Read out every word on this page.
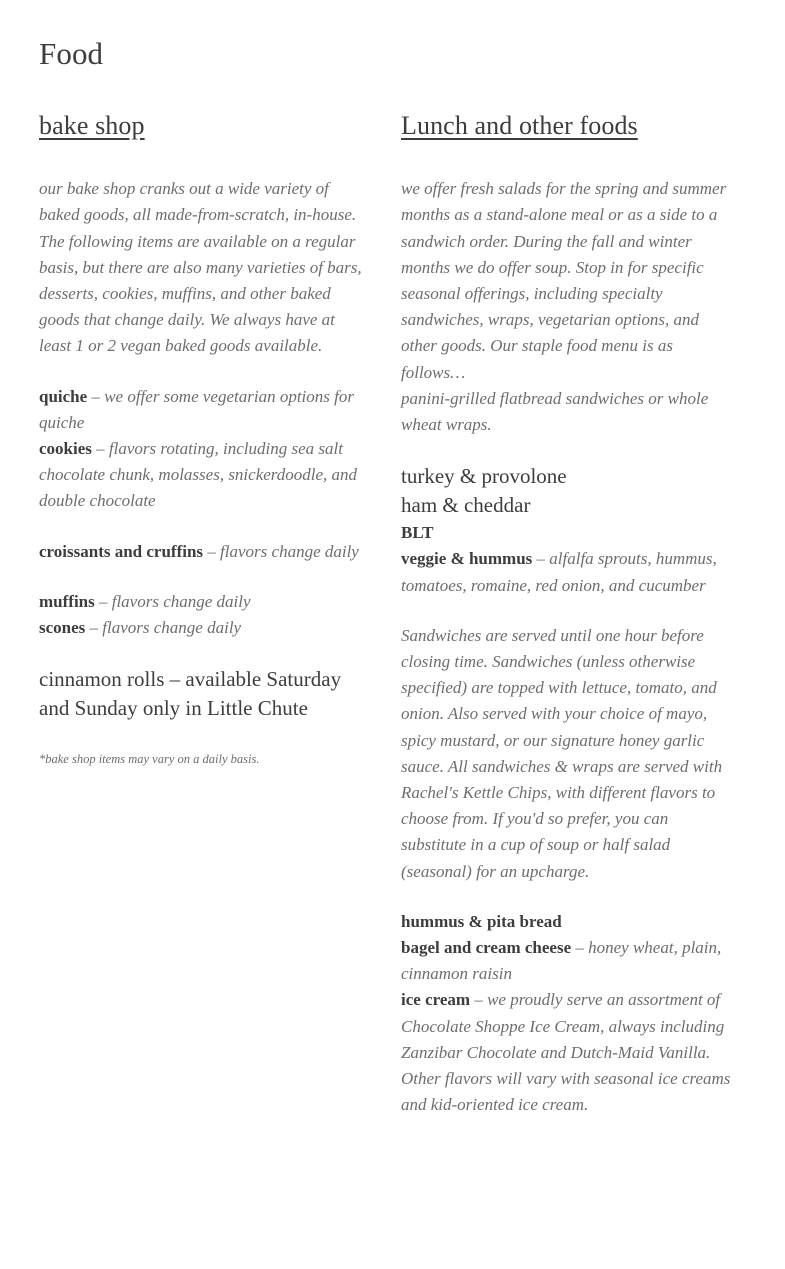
Food
bake shop

our bake shop cranks out a wide variety of baked goods, all made-from-scratch, in-house. The following items are available on a regular basis, but there are also many varieties of bars, desserts, cookies, muffins, and other baked goods that change daily. We always have at least 1 or 2 vegan baked goods available.

quiche – we offer some vegetarian options for quiche

cookies – flavors rotating, including sea salt chocolate chunk, molasses, snickerdoodle, and double chocolate

croissants and cruffins – flavors change daily

muffins – flavors change daily

scones – flavors change daily

cinnamon rolls – available Saturday and Sunday only in Little Chute

*bake shop items may vary on a daily basis.

Lunch and other foods

we offer fresh salads for the spring and summer months as a stand-alone meal or as a side to a sandwich order. During the fall and winter months we do offer soup. Stop in for specific seasonal offerings, including specialty sandwiches, wraps, vegetarian options, and other goods. Our staple food menu is as follows…

panini-grilled flatbread sandwiches or whole wheat wraps.

turkey & provolone

ham & cheddar

BLT

veggie & hummus – alfalfa sprouts, hummus, tomatoes, romaine, red onion, and cucumber

Sandwiches are served until one hour before closing time. Sandwiches (unless otherwise specified) are topped with lettuce, tomato, and onion. Also served with your choice of mayo, spicy mustard, or our signature honey garlic sauce. All sandwiches & wraps are served with Rachel's Kettle Chips, with different flavors to choose from. If you'd so prefer, you can substitute in a cup of soup or half salad (seasonal) for an upcharge.

hummus & pita bread

bagel and cream cheese – honey wheat, plain, cinnamon raisin

ice cream – we proudly serve an assortment of Chocolate Shoppe Ice Cream, always including Zanzibar Chocolate and Dutch-Maid Vanilla. Other flavors will vary with seasonal ice creams and kid-oriented ice cream.
